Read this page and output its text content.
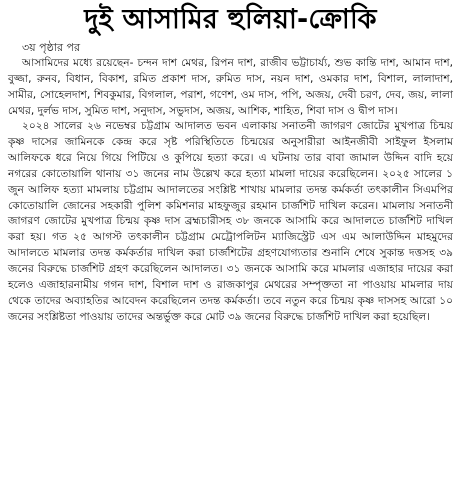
দুই আসামির হুলিয়া-ক্রোকি
৩য় পৃষ্ঠার পর

আসামিদের মধ্যে রয়েছেন- চন্দন দাশ মেথর, রিপন দাশ, রাজীব ভট্টাচার্য্য, শুভ কান্তি দাশ, আমান দাশ, বুজ্জা, রুনব, বিধান, বিকাশ, রমিত প্রকাশ দাস, রুমিত দাস, নয়ন দাশ, ওমকার দাশ, বিশাল, লালাদাশ, সামীর, সোহেলদাশ, শিবকুমার, বিগলাল, পরাশ, গণেশ, ওম দাস, পপি, অজয়, দেবী চরণ, দেব, জয়, লালা মেথর, দুর্লভ দাস, সুমিত দাশ, সনুদাস, সভুদাস, অজয়, আশিক, শাহিত, শিবা দাস ও দ্বীপ দাস।

২০২৪ সালের ২৬ নভেম্বর চট্টগ্রাম আদালত ভবন এলাকায় সনাতনী জাগরণ জোটের মুখপাত্র চিন্ময় কৃষ্ণ দাসের জামিনকে কেন্দ্র করে সৃষ্ট পরিস্থিতিতে চিন্ময়ের অনুসারীরা আইনজীবী সাইফুল ইসলাম আলিফকে ধরে নিয়ে গিয়ে পিটিয়ে ও কুপিয়ে হত্যা করে। এ ঘটনায় তার বাবা জামাল উদ্দিন বাদি হয়ে নগরের কোতোয়ালি থানায় ৩১ জনের নাম উল্লেখ করে হত্যা মামলা দায়ের করেছিলেন। ২০২৫ সালের ১ জুন আলিফ হত্যা মামলায় চট্টগ্রাম আদালতের সংশ্লিষ্ট শাখায় মামলার তদন্ত কর্মকর্তা তৎকালীন সিএমপির কোতোয়ালি জোনের সহকারী পুলিশ কমিশনার মাহফুজুর রহমান চার্জশিট দাখিল করেন। মামলায় সনাতনী জাগরণ জোটের মুখপাত্র চিন্ময় কৃষ্ণ দাস ব্রহ্মচারীসহ ৩৮ জনকে আসামি করে আদালতে চার্জশিট দাখিল করা হয়। গত ২৫ আগস্ট তৎকালীন চট্টগ্রাম মেট্রোপলিটন ম্যাজিস্ট্রেট এস এম আলাউদ্দিন মাহমুদের আদালতে মামলার তদন্ত কর্মকর্তার দাখিল করা চার্জশিটের গ্রহণযোগ্যতার শুনানি শেষে সুকান্ত দত্তসহ ৩৯ জনের বিরুদ্ধে চার্জশিট গ্রহণ করেছিলেন আদালত। ৩১ জনকে আসামি করে মামলার এজাহার দায়ের করা হলেও এজাহারনামীয় গগন দাশ, বিশাল দাশ ও রাজকাপুর মেথরের সম্পৃক্ততা না পাওয়ায় মামলার দায় থেকে তাদের অব্যাহতির আবেদন করেছিলেন তদন্ত কর্মকর্তা। তবে নতুন করে চিন্ময় কৃষ্ণ দাসসহ আরো ১০ জনের সংশ্লিষ্টতা পাওয়ায় তাদের অন্তর্ভুক্ত করে মোট ৩৯ জনের বিরুদ্ধে চার্জশিট দাখিল করা হয়েছিল।
